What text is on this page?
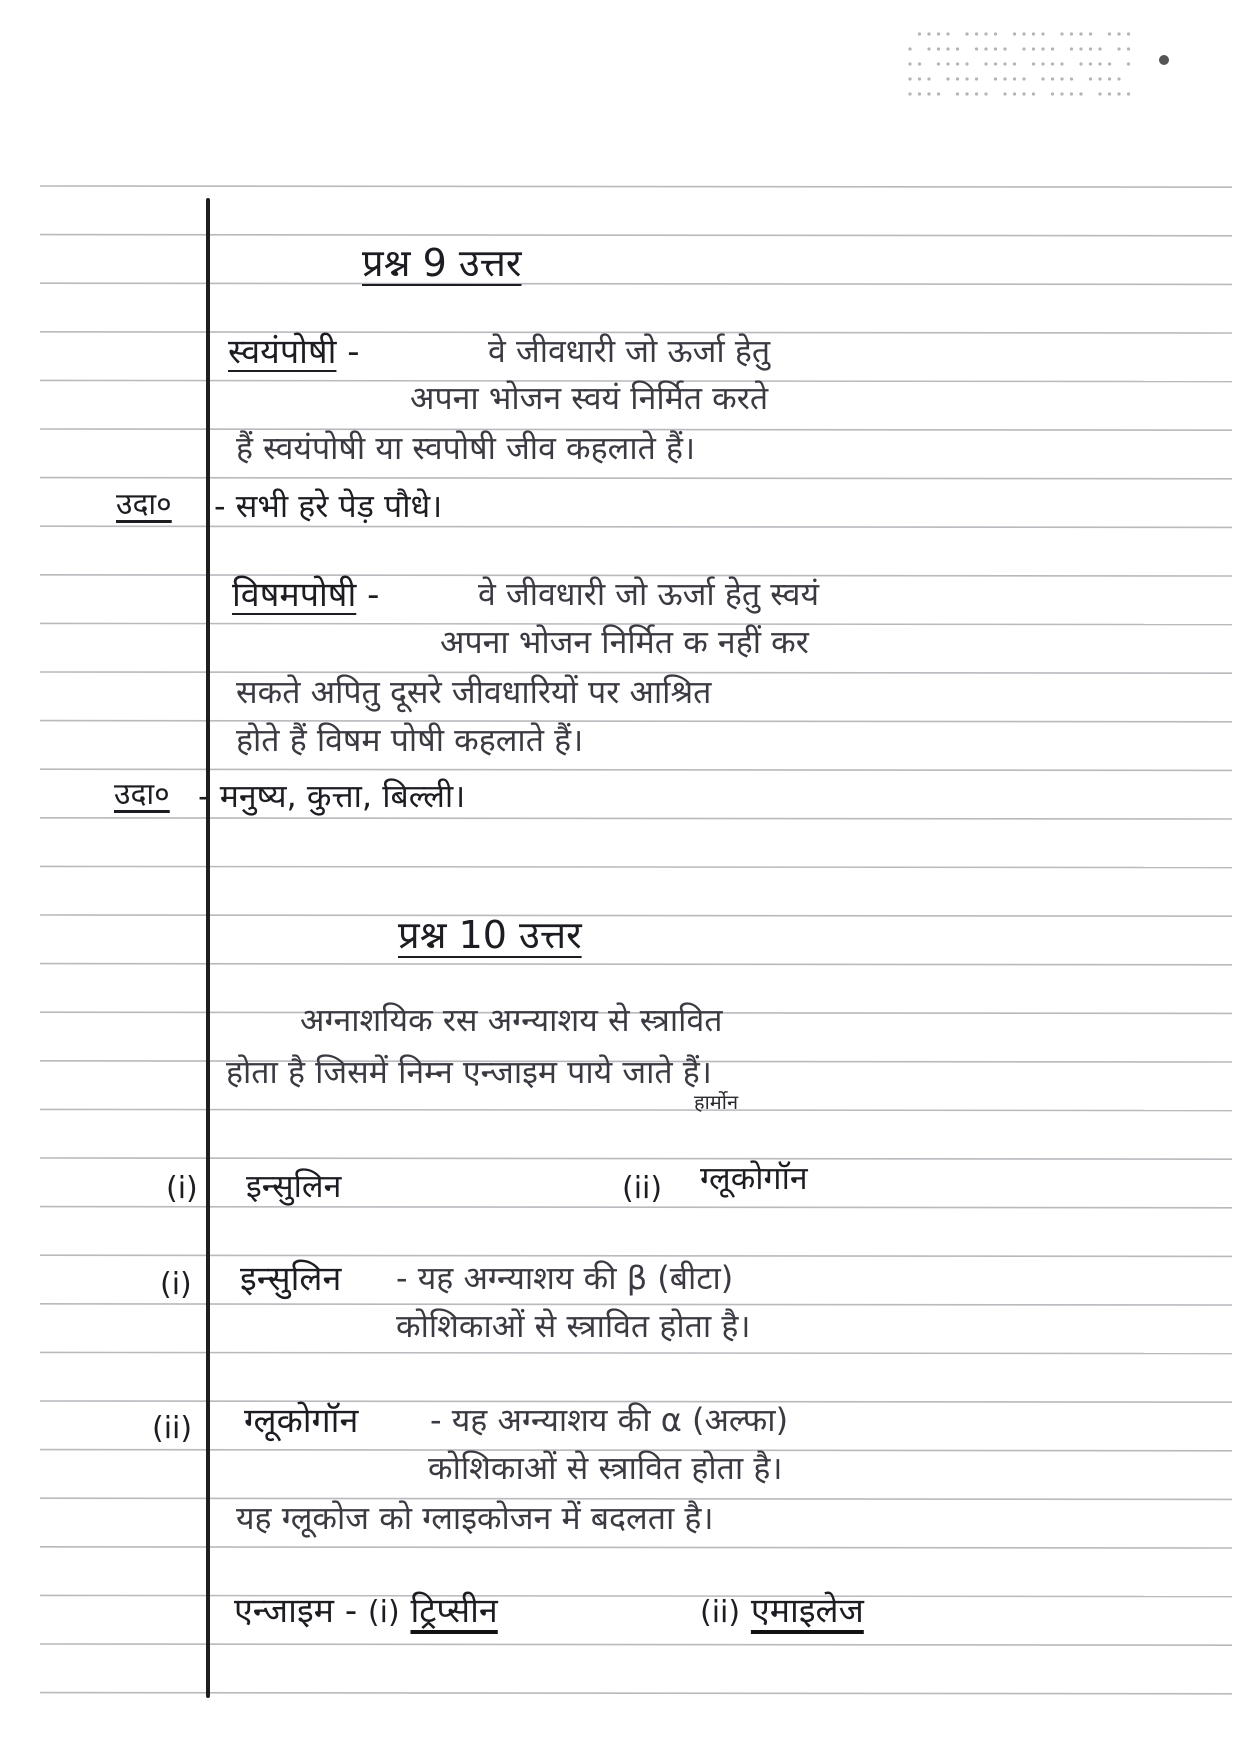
प्रश्न 9 उत्तर
स्वयंपोषी -	वे जीवधारी जो ऊर्जा हेतु
अपना भोजन स्वयं निर्मित करते
हैं स्वयंपोषी या स्वपोषी जीव कहलाते हैं।
उदा० - सभी हरे पेड़ पौधे।
विषमपोषी -	वे जीवधारी जो ऊर्जा हेतु स्वयं
अपना भोजन निर्मित क नहीं कर
सकते अपितु दूसरे जीवधारियों पर आश्रित
होते हैं विषम पोषी कहलाते हैं।
उदा० - मनुष्य, कुत्ता, बिल्ली।
प्रश्न 10 उत्तर
अग्नाशयिक रस अग्न्याशय से स्त्रावित
होता है जिसमें निम्न एन्जाइम पाये जाते हैं।
हार्मोन
(i) इन्सुलिन	(ii) ग्लूकोगॉन
(i) इन्सुलिन - यह अग्न्याशय की β (बीटा)
कोशिकाओं से स्त्रावित होता है।
(ii) ग्लूकोगॉन - यह अग्न्याशय की α (अल्फा)
कोशिकाओं से स्त्रावित होता है।
यह ग्लूकोज को ग्लाइकोजन में बदलता है।
एन्जाइम - (i) ट्रिप्सीन	(ii) एमाइलेज
